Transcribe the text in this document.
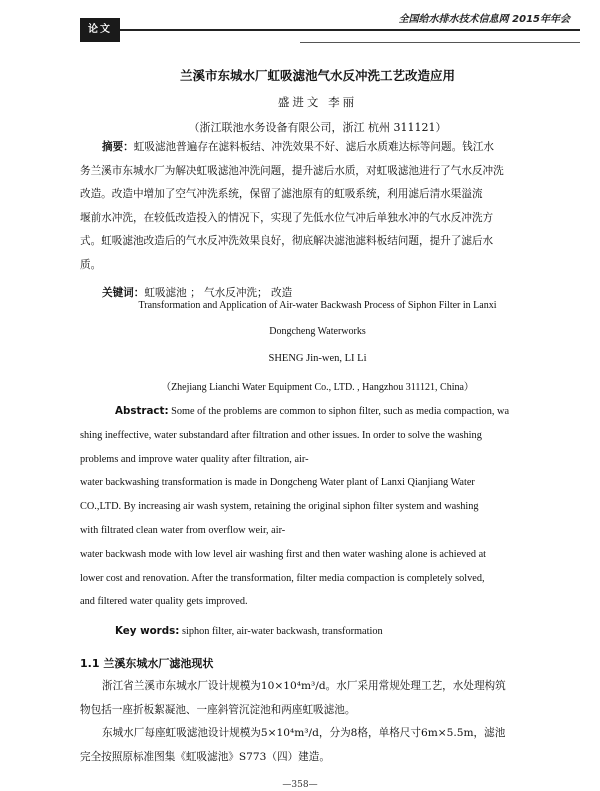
全国给水排水技术信息网 2015年年会
论文
兰溪市东城水厂虹吸滤池气水反冲洗工艺改造应用
盛进文 李丽
（浙江联池水务设备有限公司，浙江 杭州 311121）
摘要：虹吸滤池普遍存在滤料板结、冲洗效果不好、滤后水质难达标等问题。钱江水
务兰溪市东城水厂为解决虹吸滤池冲洗问题，提升滤后水质，对虹吸滤池进行了气水反冲洗
改造。改造中增加了空气冲洗系统，保留了滤池原有的虹吸系统，利用滤后清水渠溢流
堰前水冲洗，在较低改造投入的情况下，实现了先低水位气冲后单独水冲的气水反冲洗方
式。虹吸滤池改造后的气水反冲洗效果良好，彻底解决滤池滤料板结问题，提升了滤后水
质。
关键词：虹吸滤池 ； 气水反冲洗； 改造
Transformation and Application of Air-water Backwash Process of Siphon Filter in Lanxi
Dongcheng Waterworks
SHENG Jin-wen, LI Li
（Zhejiang Lianchi Water Equipment Co., LTD. , Hangzhou 311121, China）
Abstract: Some of the problems are common to siphon filter, such as media compaction, wa
shing ineffective, water substandard after filtration and other issues. In order to solve the washing
problems and improve water quality after filtration, air-
water backwashing transformation is made in Dongcheng Water plant of Lanxi Qianjiang Water
CO.,LTD. By increasing air wash system, retaining the original siphon filter system and washing
with filtrated clean water from overflow weir, air-
water backwash mode with low level air washing first and then water washing alone is achieved at
lower cost and renovation. After the transformation, filter media compaction is completely solved,
and filtered water quality gets improved.
Key words: siphon filter, air-water backwash, transformation
1.1 兰溪东城水厂滤池现状
浙江省兰溪市东城水厂设计规模为10×10⁴m³/d。水厂采用常规处理工艺，水处理构筑
物包括一座折板絮凝池、一座斜管沉淀池和两座虹吸滤池。
东城水厂每座虹吸滤池设计规模为5×10⁴m³/d，分为8格，单格尺寸6m×5.5m，滤池
完全按照原标准图集《虹吸滤池》S773（四）建造。
—358—
